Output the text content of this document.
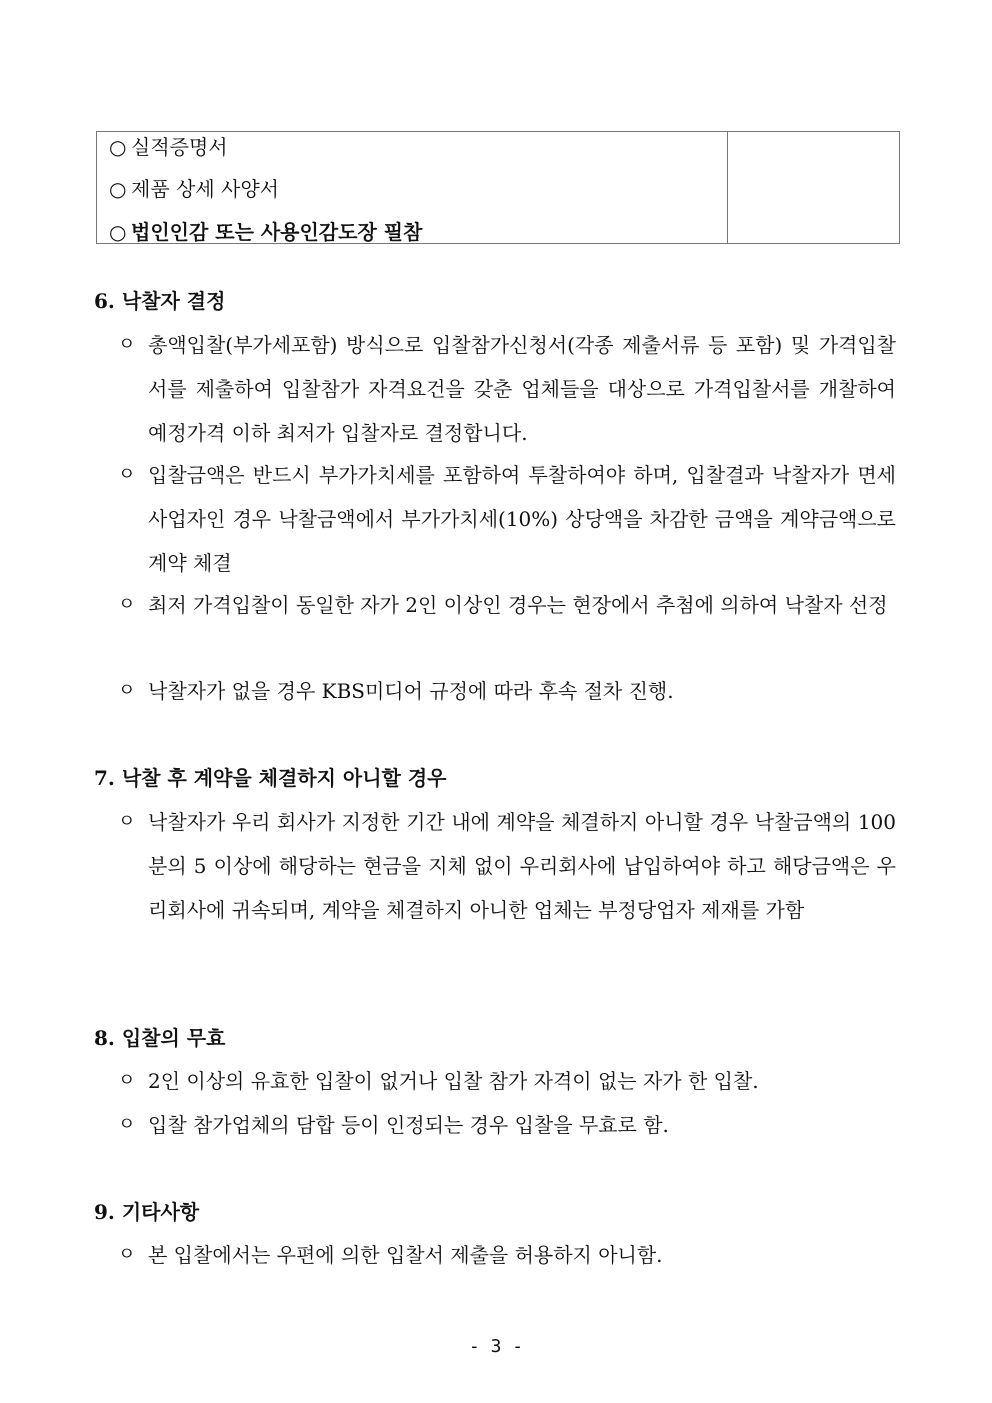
○ 실적증명서
○ 제품 상세 사양서
○ 법인인감 또는 사용인감도장 필참
6. 낙찰자 결정
ㅇ 총액입찰(부가세포함) 방식으로 입찰참가신청서(각종 제출서류 등 포함) 및 가격입찰서를 제출하여 입찰참가 자격요건을 갖춘 업체들을 대상으로 가격입찰서를 개찰하여 예정가격 이하 최저가 입찰자로 결정합니다.
ㅇ 입찰금액은 반드시 부가가치세를 포함하여 투찰하여야 하며, 입찰결과 낙찰자가 면세사업자인 경우 낙찰금액에서 부가가치세(10%) 상당액을 차감한 금액을 계약금액으로 계약 체결
ㅇ 최저 가격입찰이 동일한 자가 2인 이상인 경우는 현장에서 추첨에 의하여 낙찰자 선정
ㅇ 낙찰자가 없을 경우 KBS미디어 규정에 따라 후속 절차 진행.
7. 낙찰 후 계약을 체결하지 아니할 경우
ㅇ 낙찰자가 우리 회사가 지정한 기간 내에 계약을 체결하지 아니할 경우 낙찰금액의 100분의 5 이상에 해당하는 현금을 지체 없이 우리회사에 납입하여야 하고 해당금액은 우리회사에 귀속되며, 계약을 체결하지 아니한 업체는 부정당업자 제재를 가함
8. 입찰의 무효
ㅇ 2인 이상의 유효한 입찰이 없거나 입찰 참가 자격이 없는 자가 한 입찰.
ㅇ 입찰 참가업체의 담합 등이 인정되는 경우 입찰을 무효로 함.
9. 기타사항
ㅇ 본 입찰에서는 우편에 의한 입찰서 제출을 허용하지 아니함.
- 3 -
